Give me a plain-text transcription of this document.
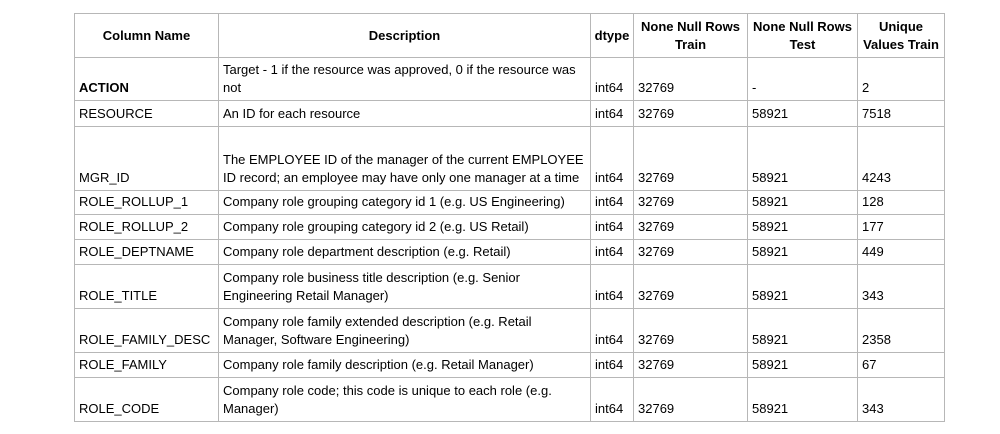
Column Name	Description	dtype	None Null Rows Train	None Null Rows Test	Unique Values Train
ACTION	Target - 1 if the resource was approved, 0 if the resource was not	int64	32769	-	2
RESOURCE	An ID for each resource	int64	32769	58921	7518
MGR_ID	The EMPLOYEE ID of the manager of the current EMPLOYEE ID record; an employee may have only one manager at a time	int64	32769	58921	4243
ROLE_ROLLUP_1	Company role grouping category id 1 (e.g. US Engineering)	int64	32769	58921	128
ROLE_ROLLUP_2	Company role grouping category id 2 (e.g. US Retail)	int64	32769	58921	177
ROLE_DEPTNAME	Company role department description (e.g. Retail)	int64	32769	58921	449
ROLE_TITLE	Company role business title description (e.g. Senior Engineering Retail Manager)	int64	32769	58921	343
ROLE_FAMILY_DESC	Company role family extended description (e.g. Retail Manager, Software Engineering)	int64	32769	58921	2358
ROLE_FAMILY	Company role family description (e.g. Retail Manager)	int64	32769	58921	67
ROLE_CODE	Company role code; this code is unique to each role (e.g. Manager)	int64	32769	58921	343
